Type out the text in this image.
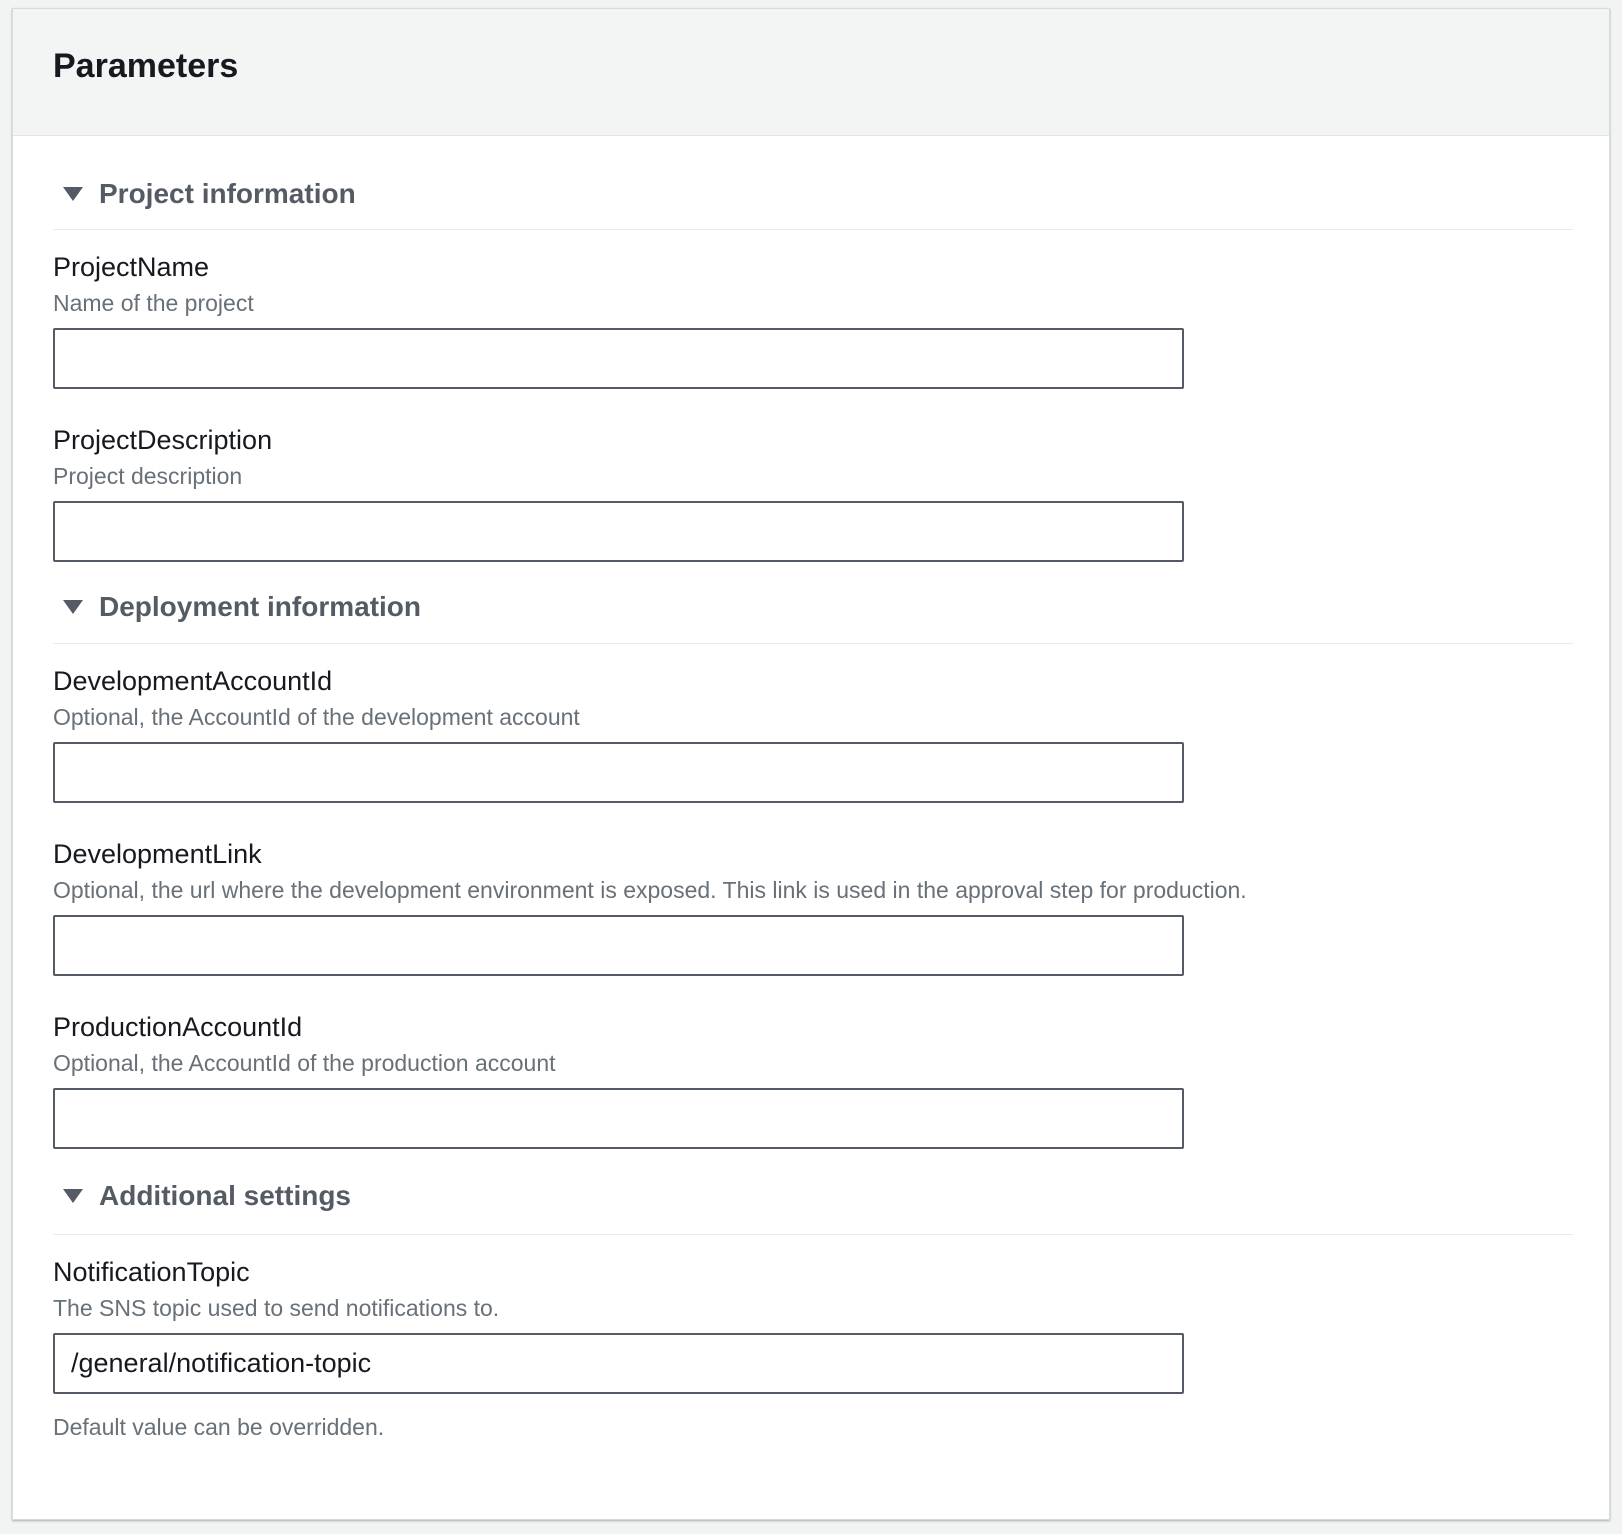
Parameters
Project information
ProjectName
Name of the project
ProjectDescription
Project description
Deployment information
DevelopmentAccountId
Optional, the AccountId of the development account
DevelopmentLink
Optional, the url where the development environment is exposed. This link is used in the approval step for production.
ProductionAccountId
Optional, the AccountId of the production account
Additional settings
NotificationTopic
The SNS topic used to send notifications to.
/general/notification-topic
Default value can be overridden.
